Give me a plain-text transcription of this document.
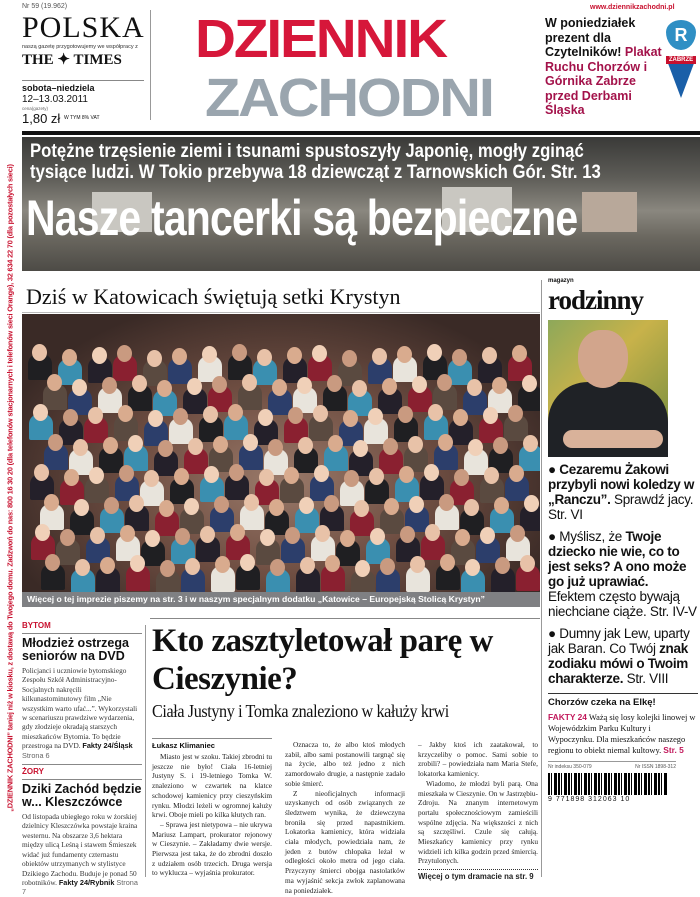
„DZIENNIK ZACHODNI” taniej niż w kiosku, z dostawą do Twojego domu. Zadzwoń do nas: 800 16 30 20 (dla telefonów stacjonarnych i telefonów sieci Orange), 32 634 22 70 (dla pozostałych sieci)
Nr 59 (19.962)
POLSKA
naszą gazetę przygotowujemy we współpracy z
THE ✦ TIMES
sobota–niedziela
12–13.03.2011
cena(gazety)
1,80 zł $^{W TYM 8\% VAT}$
DZIENNIK
ZACHODNI
www.dziennikzachodni.pl
W poniedziałek prezent dla Czytelników! Plakat Ruchu Chorzów i Górnika Zabrze przed Derbami Śląska
R
ZABRZE
Potężne trzęsienie ziemi i tsunami spustoszyły Japonię, mogły zginąć
tysiące ludzi. W Tokio przebywa 18 dziewcząt z Tarnowskich Gór. Str. 13
Nasze tancerki są bezpieczne
Dziś w Katowicach świętują setki Krystyn
Więcej o tej imprezie piszemy na str. 3 i w naszym specjalnym dodatku „Katowice – Europejską Stolicą Krystyn”
magazyn
rodzinny
● Cezaremu Żakowi przybyli nowi koledzy w „Ranczu”. Sprawdź jacy. Str. VI
● Myślisz, że Twoje dziecko nie wie, co to jest seks? A ono może go już uprawiać. Efektem często bywają niechciane ciąże. Str. IV-V
● Dumny jak Lew, uparty jak Baran. Co Twój znak zodiaku mówi o Twoim charakterze. Str. VIII
Chorzów czeka na Elkę!
FAKTY 24 Ważą się losy kolejki linowej w Wojewódzkim Parku Kultury i Wypoczynku. Dla mieszkańców naszego regionu to obiekt niemal kultowy. Str. 5
Nr indeksu 350-079	Nr ISSN 1898-312
9 771898 312063 10
BYTOM
Młodzież ostrzega seniorów na DVD
Policjanci i uczniowie bytomskiego Zespołu Szkół Administracyjno-Socjalnych nakręcili kilkunastominutowy film „Nie wszystkim warto ufać...”. Wykorzystali w scenariuszu prawdziwe wydarzenia, gdy złodzieje okradają starszych mieszkańców Bytomia. To będzie przestroga na DVD. Fakty 24/Śląsk Strona 6
ŻORY
Dziki Zachód będzie w... Kleszczówce
Od listopada ubiegłego roku w żorskiej dzielnicy Kleszczówka powstaje kraina westernu. Na obszarze 3,6 hektara między ulicą Leśną i stawem Śmieszek widać już fundamenty czternastu obiektów utrzymanych w stylistyce Dzikiego Zachodu. Buduje je ponad 50 robotników. Fakty 24/Rybnik Strona 7
Kto zasztyletował parę w Cieszynie?
Ciała Justyny i Tomka znaleziono w kałuży krwi
Łukasz Klimaniec

Miasto jest w szoku. Takiej zbrodni tu jeszcze nie było! Ciała 16-letniej Justyny S. i 19-letniego Tomka W. znaleziono w czwartek na klatce schodowej kamienicy przy cieszyńskim rynku. Młodzi leżeli w ogromnej kałuży krwi. Oboje mieli po kilka kłutych ran.

– Sprawa jest nietypowa – nie ukrywa Mariusz Lampart, prokurator rejonowy w Cieszynie. – Zakładamy dwie wersje. Pierwsza jest taka, że do zbrodni doszło z udziałem osób trzecich. Druga wersja to wyklucza – wyjaśnia prokurator.

Oznacza to, że albo ktoś młodych zabił, albo sami postanowili targnąć się na życie, albo też jedno z nich zamordowało drugie, a następnie zadało sobie śmierć.

Z nieoficjalnych informacji uzyskanych od osób związanych ze śledztwem wynika, że dziewczyna broniła się przed napastnikiem. Lokatorka kamienicy, która widziała ciała młodych, powiedziała nam, że jeden z butów chłopaka leżał w odległości około metra od jego ciała. Przyczyny śmierci obojga nastolatków ma wyjaśnić sekcja zwłok zaplanowana na poniedziałek.

– Jakby ktoś ich zaatakował, to krzyczeliby o pomoc. Sami sobie to zrobili? – powiedziała nam Maria Stefe, lokatorka kamienicy.

Wiadomo, że młodzi byli parą. Ona mieszkała w Cieszynie. On w Jastrzębiu-Zdroju. Na znanym internetowym portalu społecznościowym zamieścili wspólne zdjęcia. Na większości z nich są szczęśliwi. Czule się całują. Mieszkańcy kamienicy przy rynku widzieli ich kilka godzin przed śmiercią. Przytulonych.

Więcej o tym dramacie na str. 9
